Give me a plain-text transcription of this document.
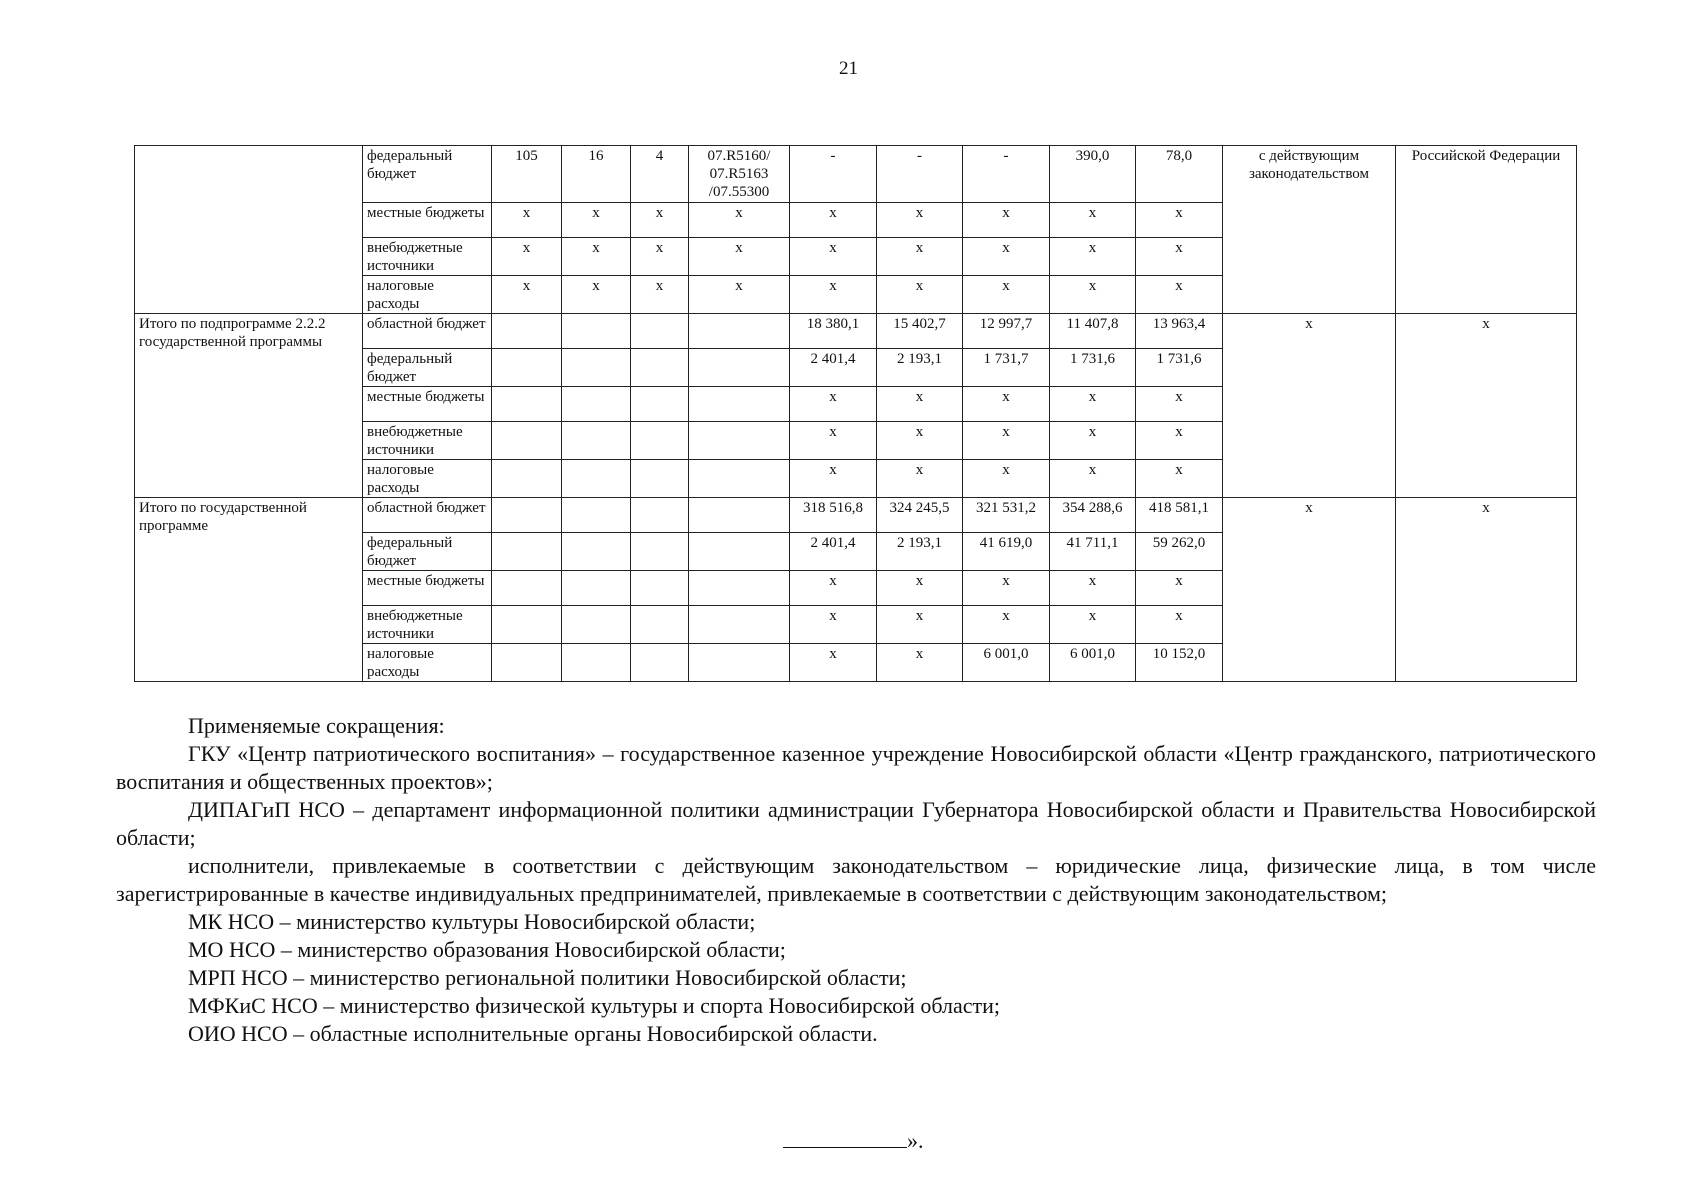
21
	федеральный бюджет	105	16	4	07.R5160/ 07.R5163 /07.55300	-	-	-	390,0	78,0	с действующим законодательством	Российской Федерации
	местные бюджеты	x	x	x	x	x	x	x	x	x		
	внебюджетные источники	x	x	x	x	x	x	x	x	x		
	налоговые расходы	x	x	x	x	x	x	x	x	x		
Итого по подпрограмме 2.2.2 государственной программы	областной бюджет					18 380,1	15 402,7	12 997,7	11 407,8	13 963,4	x	x
	федеральный бюджет					2 401,4	2 193,1	1 731,7	1 731,6	1 731,6		
	местные бюджеты					x	x	x	x	x		
	внебюджетные источники					x	x	x	x	x		
	налоговые расходы					x	x	x	x	x		
Итого по государственной программе	областной бюджет					318 516,8	324 245,5	321 531,2	354 288,6	418 581,1	x	x
	федеральный бюджет					2 401,4	2 193,1	41 619,0	41 711,1	59 262,0		
	местные бюджеты					x	x	x	x	x		
	внебюджетные источники					x	x	x	x	x		
	налоговые расходы					x	x	6 001,0	6 001,0	10 152,0		

Применяемые сокращения:

ГКУ «Центр патриотического воспитания» – государственное казенное учреждение Новосибирской области «Центр гражданского, патриотического воспитания и общественных проектов»;

ДИПАГиП НСО – департамент информационной политики администрации Губернатора Новосибирской области и Правительства Новосибирской области;

исполнители, привлекаемые в соответствии с действующим законодательством – юридические лица, физические лица, в том числе зарегистрированные в качестве индивидуальных предпринимателей, привлекаемые в соответствии с действующим законодательством;

МК НСО – министерство культуры Новосибирской области;

МО НСО – министерство образования Новосибирской области;

МРП НСО – министерство региональной политики Новосибирской области;

МФКиС НСО – министерство физической культуры и спорта Новосибирской области;

ОИО НСО – областные исполнительные органы Новосибирской области.

».
